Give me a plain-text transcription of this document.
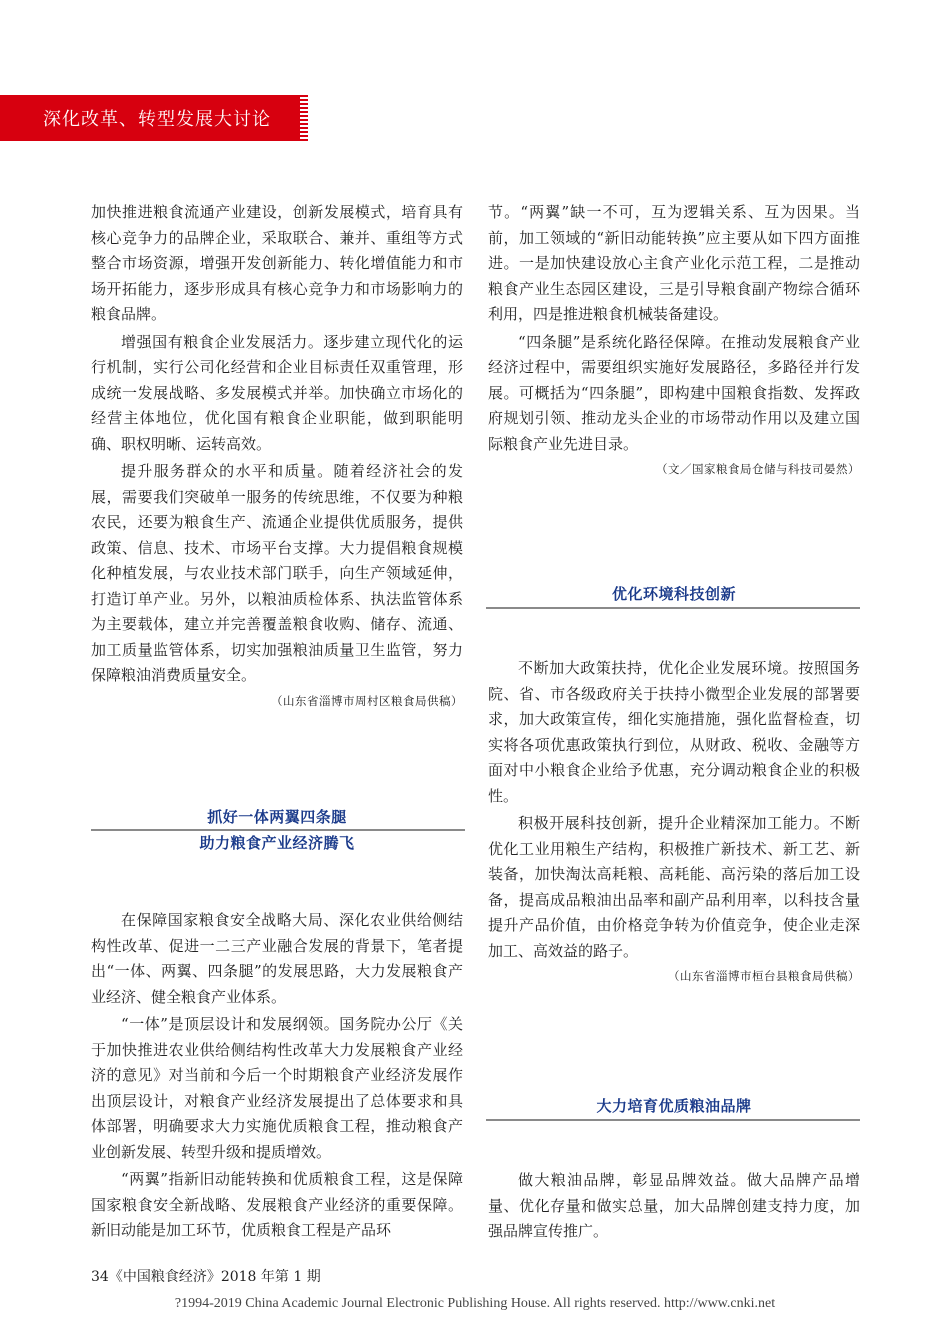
深化改革、转型发展大讨论

加快推进粮食流通产业建设，创新发展模式，培育具有核心竞争力的品牌企业，采取联合、兼并、重组等方式整合市场资源，增强开发创新能力、转化增值能力和市场开拓能力，逐步形成具有核心竞争力和市场影响力的粮食品牌。

增强国有粮食企业发展活力。逐步建立现代化的运行机制，实行公司化经营和企业目标责任双重管理，形成统一发展战略、多发展模式并举。加快确立市场化的经营主体地位，优化国有粮食企业职能，做到职能明确、职权明晰、运转高效。

提升服务群众的水平和质量。随着经济社会的发展，需要我们突破单一服务的传统思维，不仅要为种粮农民，还要为粮食生产、流通企业提供优质服务，提供政策、信息、技术、市场平台支撑。大力提倡粮食规模化种植发展，与农业技术部门联手，向生产领域延伸，打造订单产业。另外，以粮油质检体系、执法监管体系为主要载体，建立并完善覆盖粮食收购、储存、流通、加工质量监管体系，切实加强粮油质量卫生监管，努力保障粮油消费质量安全。

（山东省淄博市周村区粮食局供稿）
抓好一体两翼四条腿
助力粮食产业经济腾飞

在保障国家粮食安全战略大局、深化农业供给侧结构性改革、促进一二三产业融合发展的背景下，笔者提出“一体、两翼、四条腿”的发展思路，大力发展粮食产业经济、健全粮食产业体系。

“一体”是顶层设计和发展纲领。国务院办公厅《关于加快推进农业供给侧结构性改革大力发展粮食产业经济的意见》对当前和今后一个时期粮食产业经济发展作出顶层设计，对粮食产业经济发展提出了总体要求和具体部署，明确要求大力实施优质粮食工程，推动粮食产业创新发展、转型升级和提质增效。

“两翼”指新旧动能转换和优质粮食工程，这是保障国家粮食安全新战略、发展粮食产业经济的重要保障。新旧动能是加工环节，优质粮食工程是产品环

节。“两翼”缺一不可，互为逻辑关系、互为因果。当前，加工领域的“新旧动能转换”应主要从如下四方面推进。一是加快建设放心主食产业化示范工程，二是推动粮食产业生态园区建设，三是引导粮食副产物综合循环利用，四是推进粮食机械装备建设。

“四条腿”是系统化路径保障。在推动发展粮食产业经济过程中，需要组织实施好发展路径，多路径并行发展。可概括为“四条腿”，即构建中国粮食指数、发挥政府规划引领、推动龙头企业的市场带动作用以及建立国际粮食产业先进目录。

（文／国家粮食局仓储与科技司晏然）
优化环境科技创新

不断加大政策扶持，优化企业发展环境。按照国务院、省、市各级政府关于扶持小微型企业发展的部署要求，加大政策宣传，细化实施措施，强化监督检查，切实将各项优惠政策执行到位，从财政、税收、金融等方面对中小粮食企业给予优惠，充分调动粮食企业的积极性。

积极开展科技创新，提升企业精深加工能力。不断优化工业用粮生产结构，积极推广新技术、新工艺、新装备，加快淘汰高耗粮、高耗能、高污染的落后加工设备，提高成品粮油出品率和副产品利用率，以科技含量提升产品价值，由价格竞争转为价值竞争，使企业走深加工、高效益的路子。

（山东省淄博市桓台县粮食局供稿）
大力培育优质粮油品牌

做大粮油品牌，彰显品牌效益。做大品牌产品增量、优化存量和做实总量，加大品牌创建支持力度，加强品牌宣传推广。

34《中国粮食经济》2018 年第 1 期
?1994-2019 China Academic Journal Electronic Publishing House. All rights reserved. http://www.cnki.net
